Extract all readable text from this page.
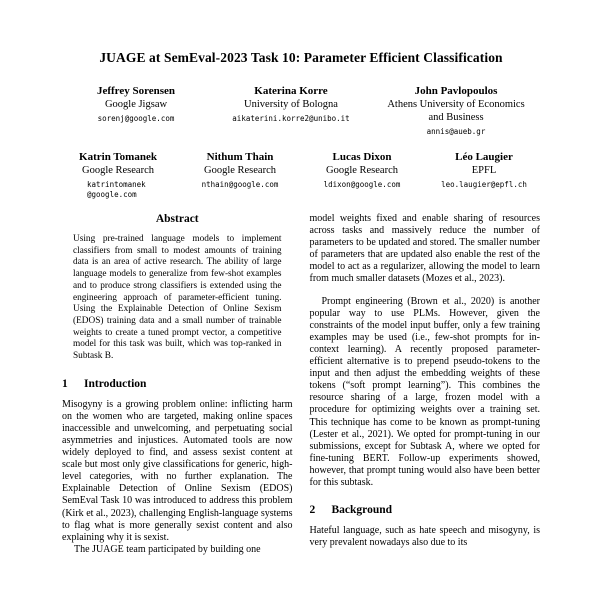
JUAGE at SemEval-2023 Task 10: Parameter Efficient Classification
Jeffrey Sorensen
Google Jigsaw
sorenj@google.com
Katerina Korre
University of Bologna
aikaterini.korre2@unibo.it
John Pavlopoulos
Athens University of Economics and Business
annis@aueb.gr
Katrin Tomanek
Google Research
katrintomanek@google.com
Nithum Thain
Google Research
nthain@google.com
Lucas Dixon
Google Research
ldixon@google.com
Léo Laugier
EPFL
leo.laugier@epfl.ch
Abstract

Using pre-trained language models to implement classifiers from small to modest amounts of training data is an area of active research. The ability of large language models to generalize from few-shot examples and to produce strong classifiers is extended using the engineering approach of parameter-efficient tuning. Using the Explainable Detection of Online Sexism (EDOS) training data and a small number of trainable weights to create a tuned prompt vector, a competitive model for this task was built, which was top-ranked in Subtask B.

1 Introduction

Misogyny is a growing problem online: inflicting harm on the women who are targeted, making online spaces inaccessible and unwelcoming, and perpetuating social asymmetries and injustices. Automated tools are now widely deployed to find, and assess sexist content at scale but most only give classifications for generic, high-level categories, with no further explanation. The Explainable Detection of Online Sexism (EDOS) SemEval Task 10 was introduced to address this problem (Kirk et al., 2023), challenging English-language systems to flag what is more generally sexist content and also explaining why it is sexist.

The JUAGE team participated by building one

model weights fixed and enable sharing of resources across tasks and massively reduce the number of parameters to be updated and stored. The smaller number of parameters that are updated also enable the rest of the model to act as a regularizer, allowing the model to learn from much smaller datasets (Mozes et al., 2023).

Prompt engineering (Brown et al., 2020) is another popular way to use PLMs. However, given the constraints of the model input buffer, only a few training examples may be used (i.e., few-shot prompts for in-context learning). A recently proposed parameter-efficient alternative is to prepend pseudo-tokens to the input and then adjust the embedding weights of these tokens (“soft prompt learning”). This combines the resource sharing of a large, frozen model with a procedure for optimizing weights over a training set. This technique has come to be known as prompt-tuning (Lester et al., 2021). We opted for prompt-tuning in our submissions, except for Subtask A, where we opted for fine-tuning BERT. Follow-up experiments showed, however, that prompt tuning would also have been better for this subtask.

2 Background

Hateful language, such as hate speech and misogyny, is very prevalent nowadays also due to its
